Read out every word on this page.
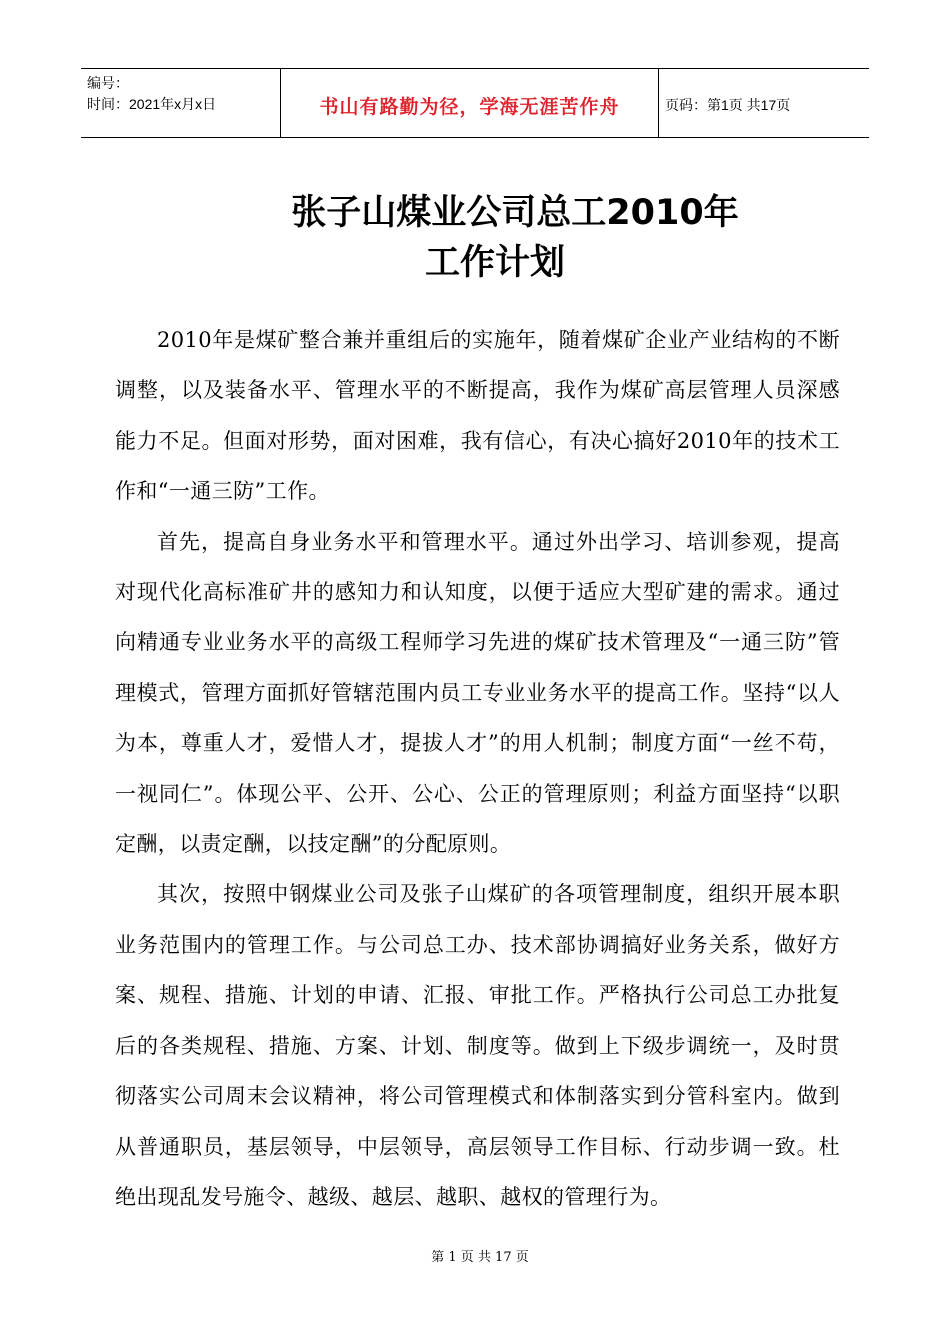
编号：
时间：2021年x月x日	书山有路勤为径，学海无涯苦作舟	页码：第1页 共17页
张子山煤业公司总工2010年
工作计划

2010年是煤矿整合兼并重组后的实施年，随着煤矿企业产业结构的不断调整，以及装备水平、管理水平的不断提高，我作为煤矿高层管理人员深感能力不足。但面对形势，面对困难，我有信心，有决心搞好2010年的技术工作和“一通三防”工作。

首先，提高自身业务水平和管理水平。通过外出学习、培训参观，提高对现代化高标准矿井的感知力和认知度，以便于适应大型矿建的需求。通过向精通专业业务水平的高级工程师学习先进的煤矿技术管理及“一通三防”管理模式，管理方面抓好管辖范围内员工专业业务水平的提高工作。坚持“以人为本，尊重人才，爱惜人才，提拔人才”的用人机制；制度方面“一丝不苟，一视同仁”。体现公平、公开、公心、公正的管理原则；利益方面坚持“以职定酬，以责定酬，以技定酬”的分配原则。

其次，按照中钢煤业公司及张子山煤矿的各项管理制度，组织开展本职业务范围内的管理工作。与公司总工办、技术部协调搞好业务关系，做好方案、规程、措施、计划的申请、汇报、审批工作。严格执行公司总工办批复后的各类规程、措施、方案、计划、制度等。做到上下级步调统一，及时贯彻落实公司周末会议精神，将公司管理模式和体制落实到分管科室内。做到从普通职员，基层领导，中层领导，高层领导工作目标、行动步调一致。杜绝出现乱发号施令、越级、越层、越职、越权的管理行为。

第 1 页 共 17 页
